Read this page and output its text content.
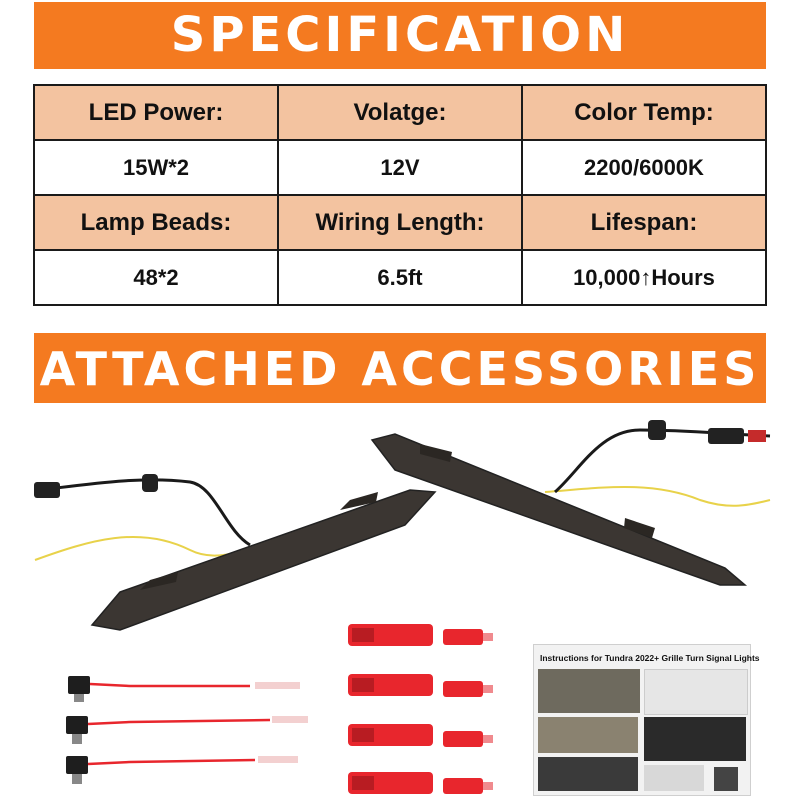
SPECIFICATION
LED Power:	Volatge:	Color Temp:
15W*2	12V	2200/6000K
Lamp Beads:	Wiring Length:	Lifespan:
48*2	6.5ft	10,000↑Hours
ATTACHED ACCESSORIES
Instructions for Tundra 2022+ Grille Turn Signal Lights
